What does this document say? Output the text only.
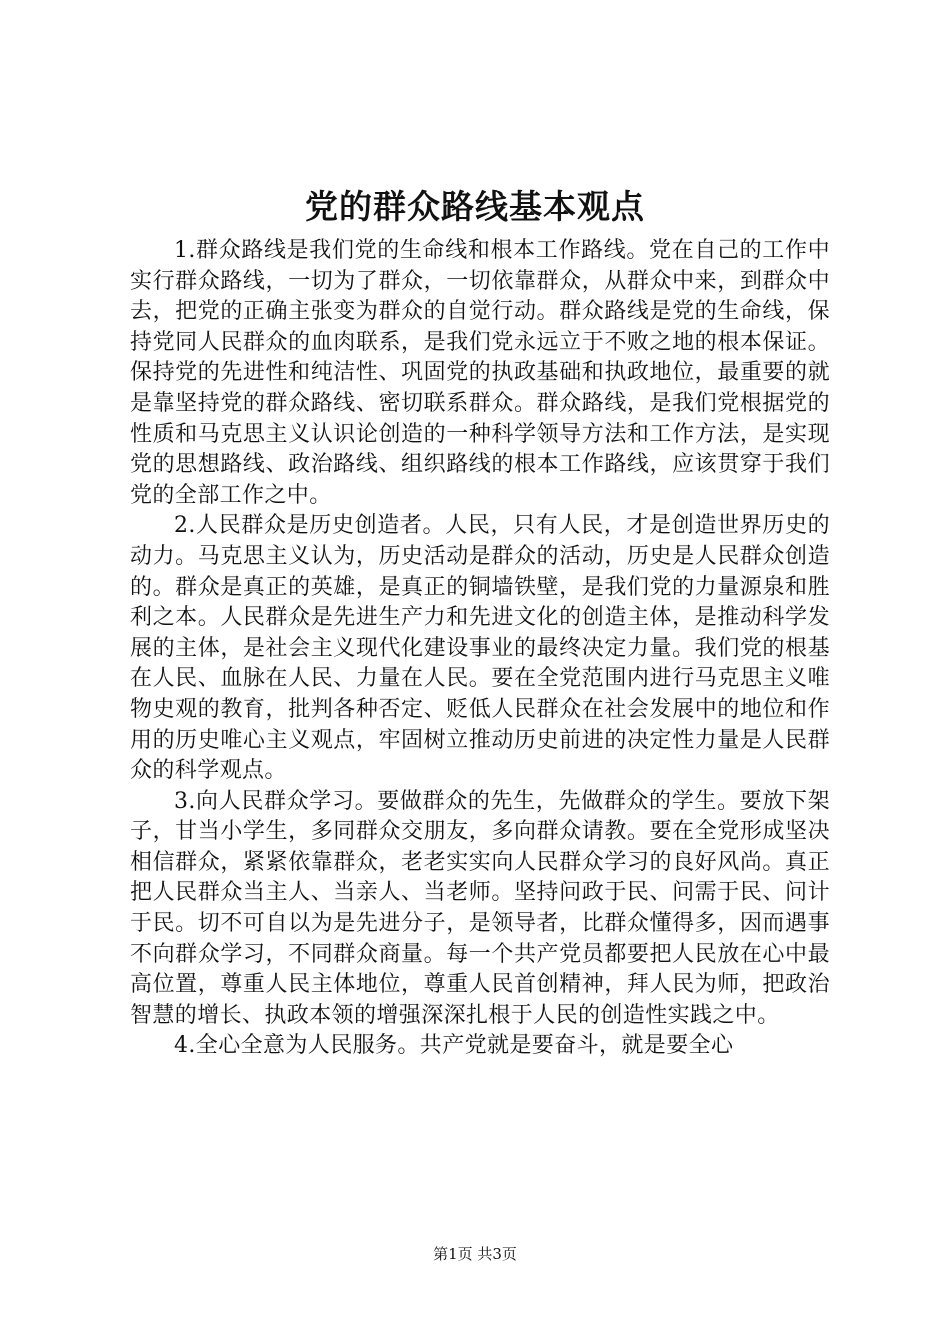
党的群众路线基本观点

1.群众路线是我们党的生命线和根本工作路线。党在自己的工作中实行群众路线，一切为了群众，一切依靠群众，从群众中来，到群众中去，把党的正确主张变为群众的自觉行动。群众路线是党的生命线，保持党同人民群众的血肉联系，是我们党永远立于不败之地的根本保证。保持党的先进性和纯洁性、巩固党的执政基础和执政地位，最重要的就是靠坚持党的群众路线、密切联系群众。群众路线，是我们党根据党的性质和马克思主义认识论创造的一种科学领导方法和工作方法，是实现党的思想路线、政治路线、组织路线的根本工作路线，应该贯穿于我们党的全部工作之中。

2.人民群众是历史创造者。人民，只有人民，才是创造世界历史的动力。马克思主义认为，历史活动是群众的活动，历史是人民群众创造的。群众是真正的英雄，是真正的铜墙铁壁，是我们党的力量源泉和胜利之本。人民群众是先进生产力和先进文化的创造主体，是推动科学发展的主体，是社会主义现代化建设事业的最终决定力量。我们党的根基在人民、血脉在人民、力量在人民。要在全党范围内进行马克思主义唯物史观的教育，批判各种否定、贬低人民群众在社会发展中的地位和作用的历史唯心主义观点，牢固树立推动历史前进的决定性力量是人民群众的科学观点。

3.向人民群众学习。要做群众的先生，先做群众的学生。要放下架子，甘当小学生，多同群众交朋友，多向群众请教。要在全党形成坚决相信群众，紧紧依靠群众，老老实实向人民群众学习的良好风尚。真正把人民群众当主人、当亲人、当老师。坚持问政于民、问需于民、问计于民。切不可自以为是先进分子，是领导者，比群众懂得多，因而遇事不向群众学习，不同群众商量。每一个共产党员都要把人民放在心中最高位置，尊重人民主体地位，尊重人民首创精神，拜人民为师，把政治智慧的增长、执政本领的增强深深扎根于人民的创造性实践之中。

4.全心全意为人民服务。共产党就是要奋斗，就是要全心

第1页 共3页
